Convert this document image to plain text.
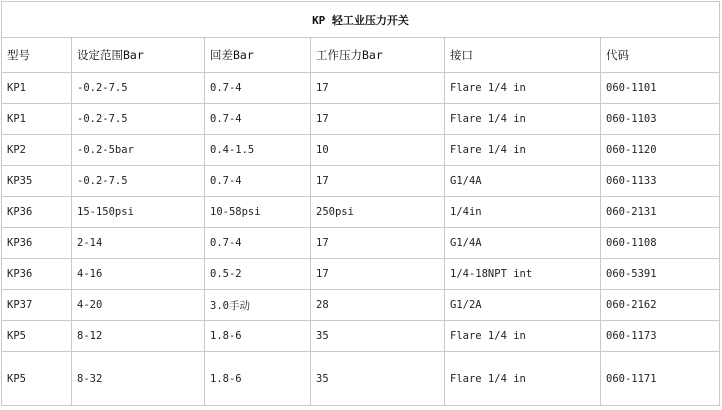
KP 轻工业压力开关					
型号	设定范围Bar	回差Bar	工作压力Bar	接口	代码
KP1	-0.2-7.5	0.7-4	17	Flare 1/4 in	060-1101
KP1	-0.2-7.5	0.7-4	17	Flare 1/4 in	060-1103
KP2	-0.2-5bar	0.4-1.5	10	Flare 1/4 in	060-1120
KP35	-0.2-7.5	0.7-4	17	G1/4A	060-1133
KP36	15-150psi	10-58psi	250psi	1/4in	060-2131
KP36	2-14	0.7-4	17	G1/4A	060-1108
KP36	4-16	0.5-2	17	1/4-18NPT int	060-5391
KP37	4-20	3.0手动	28	G1/2A	060-2162
KP5	8-12	1.8-6	35	Flare 1/4 in	060-1173
KP5	8-32	1.8-6	35	Flare 1/4 in	060-1171
